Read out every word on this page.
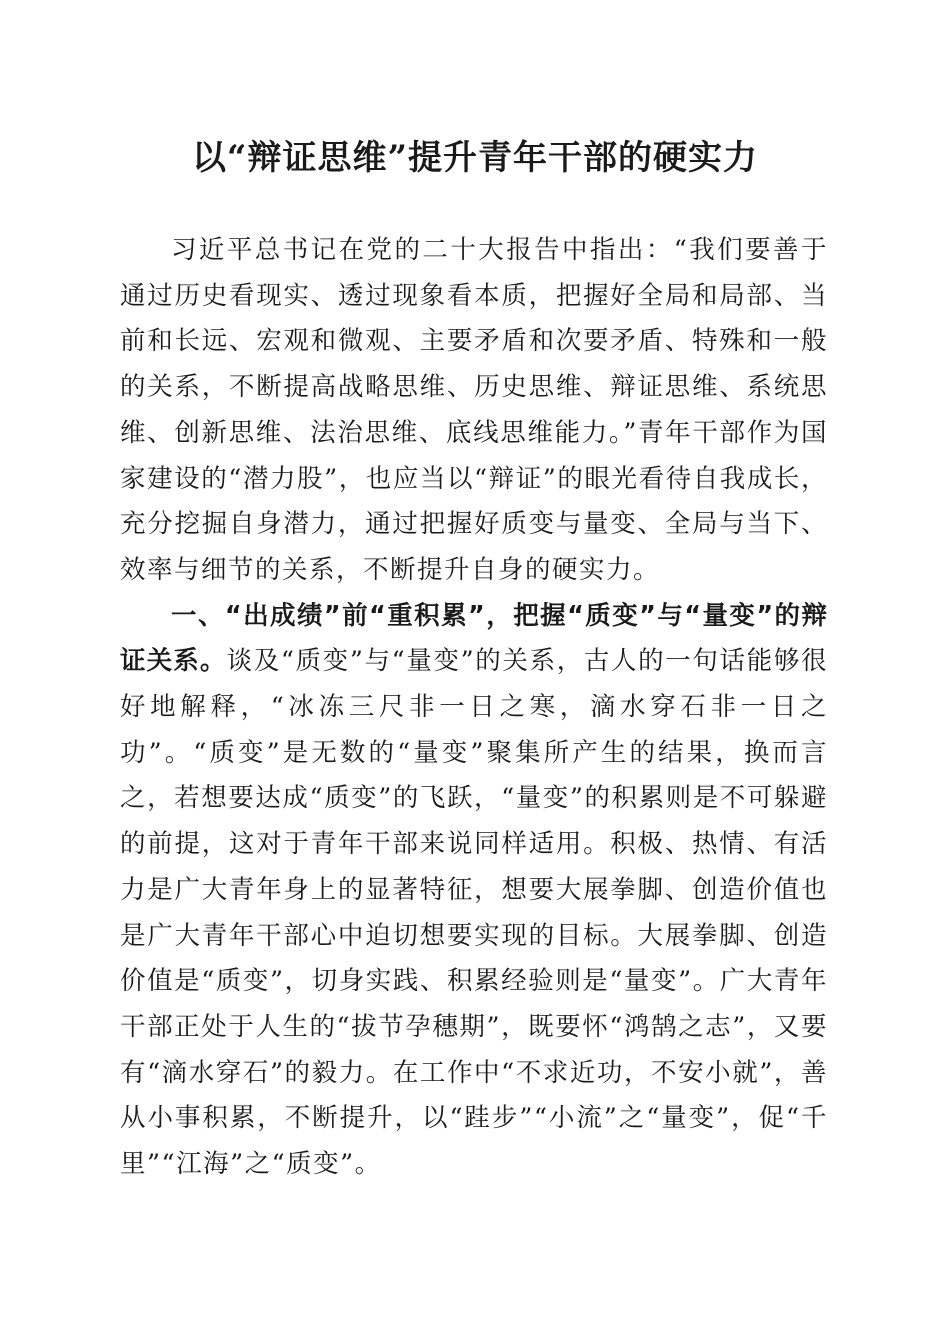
以“辩证思维”提升青年干部的硬实力

习近平总书记在党的二十大报告中指出：“我们要善于通过历史看现实、透过现象看本质，把握好全局和局部、当前和长远、宏观和微观、主要矛盾和次要矛盾、特殊和一般的关系，不断提高战略思维、历史思维、辩证思维、系统思维、创新思维、法治思维、底线思维能力。”青年干部作为国家建设的“潜力股”，也应当以“辩证”的眼光看待自我成长，充分挖掘自身潜力，通过把握好质变与量变、全局与当下、效率与细节的关系，不断提升自身的硬实力。

一、“出成绩”前“重积累”，把握“质变”与“量变”的辩证关系。谈及“质变”与“量变”的关系，古人的一句话能够很好地解释，“冰冻三尺非一日之寒，滴水穿石非一日之功”。“质变”是无数的“量变”聚集所产生的结果，换而言之，若想要达成“质变”的飞跃，“量变”的积累则是不可躲避的前提，这对于青年干部来说同样适用。积极、热情、有活力是广大青年身上的显著特征，想要大展拳脚、创造价值也是广大青年干部心中迫切想要实现的目标。大展拳脚、创造价值是“质变”，切身实践、积累经验则是“量变”。广大青年干部正处于人生的“拔节孕穗期”，既要怀“鸿鹄之志”，又要有“滴水穿石”的毅力。在工作中“不求近功，不安小就”，善从小事积累，不断提升，以“跬步”“小流”之“量变”，促“千里”“江海”之“质变”。
